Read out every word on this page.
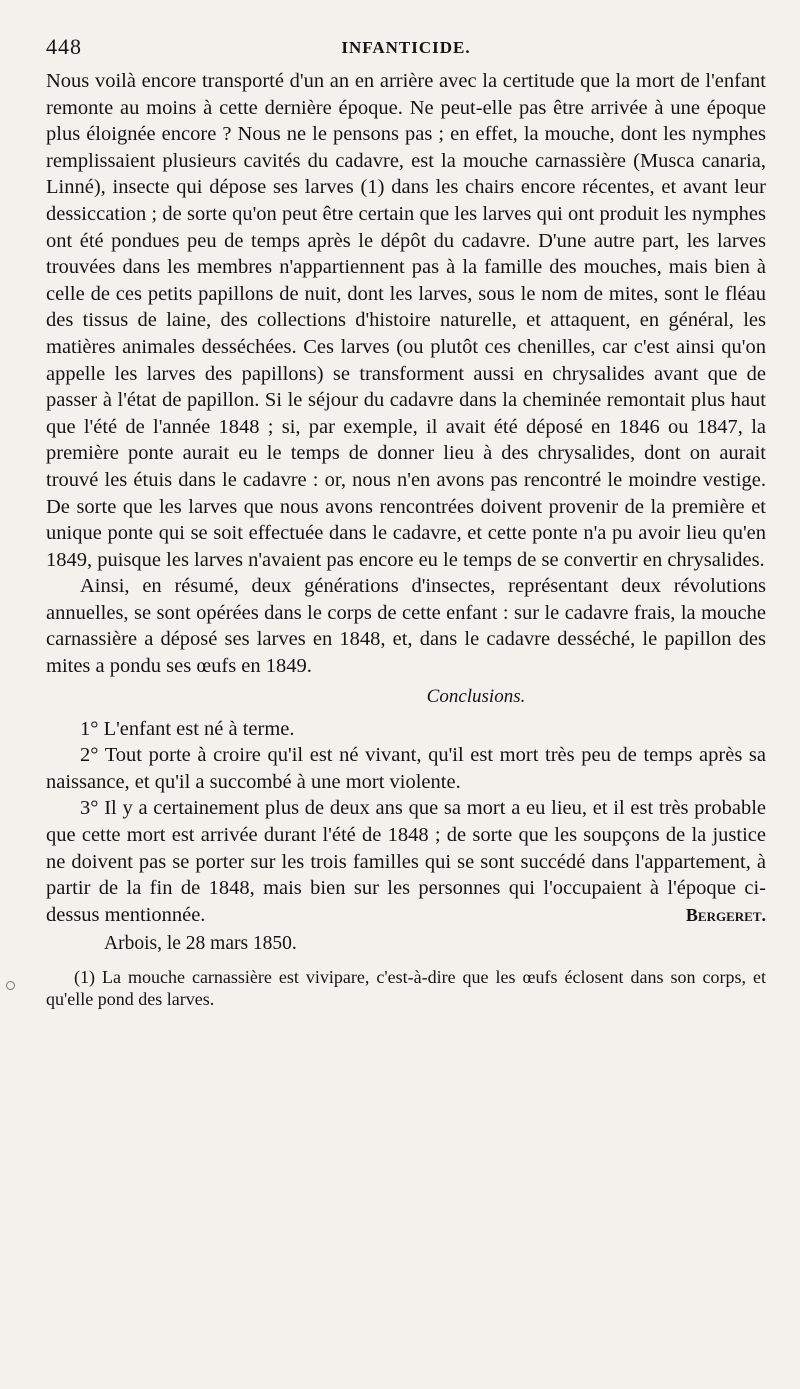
448	INFANTICIDE.

Nous voilà encore transporté d'un an en arrière avec la certitude que la mort de l'enfant remonte au moins à cette dernière époque. Ne peut-elle pas être arrivée à une époque plus éloignée encore ? Nous ne le pensons pas ; en effet, la mouche, dont les nymphes remplissaient plusieurs cavités du cadavre, est la mouche carnassière (Musca canaria, Linné), insecte qui dépose ses larves (1) dans les chairs encore récentes, et avant leur dessiccation ; de sorte qu'on peut être certain que les larves qui ont produit les nymphes ont été pondues peu de temps après le dépôt du cadavre. D'une autre part, les larves trouvées dans les membres n'appartiennent pas à la famille des mouches, mais bien à celle de ces petits papillons de nuit, dont les larves, sous le nom de mites, sont le fléau des tissus de laine, des collections d'histoire naturelle, et attaquent, en général, les matières animales desséchées. Ces larves (ou plutôt ces chenilles, car c'est ainsi qu'on appelle les larves des papillons) se transforment aussi en chrysalides avant que de passer à l'état de papillon. Si le séjour du cadavre dans la cheminée remontait plus haut que l'été de l'année 1848 ; si, par exemple, il avait été déposé en 1846 ou 1847, la première ponte aurait eu le temps de donner lieu à des chrysalides, dont on aurait trouvé les étuis dans le cadavre : or, nous n'en avons pas rencontré le moindre vestige. De sorte que les larves que nous avons rencontrées doivent provenir de la première et unique ponte qui se soit effectuée dans le cadavre, et cette ponte n'a pu avoir lieu qu'en 1849, puisque les larves n'avaient pas encore eu le temps de se convertir en chrysalides.

Ainsi, en résumé, deux générations d'insectes, représentant deux révolutions annuelles, se sont opérées dans le corps de cette enfant : sur le cadavre frais, la mouche carnassière a déposé ses larves en 1848, et, dans le cadavre desséché, le papillon des mites a pondu ses œufs en 1849.

Conclusions.

1° L'enfant est né à terme.

2° Tout porte à croire qu'il est né vivant, qu'il est mort très peu de temps après sa naissance, et qu'il a succombé à une mort violente.

3° Il y a certainement plus de deux ans que sa mort a eu lieu, et il est très probable que cette mort est arrivée durant l'été de 1848 ; de sorte que les soupçons de la justice ne doivent pas se porter sur les trois familles qui se sont succédé dans l'appartement, à partir de la fin de 1848, mais bien sur les personnes qui l'occupaient à l'époque ci-dessus mentionnée.	Bergeret.

Arbois, le 28 mars 1850.

(1) La mouche carnassière est vivipare, c'est-à-dire que les œufs éclosent dans son corps, et qu'elle pond des larves.
